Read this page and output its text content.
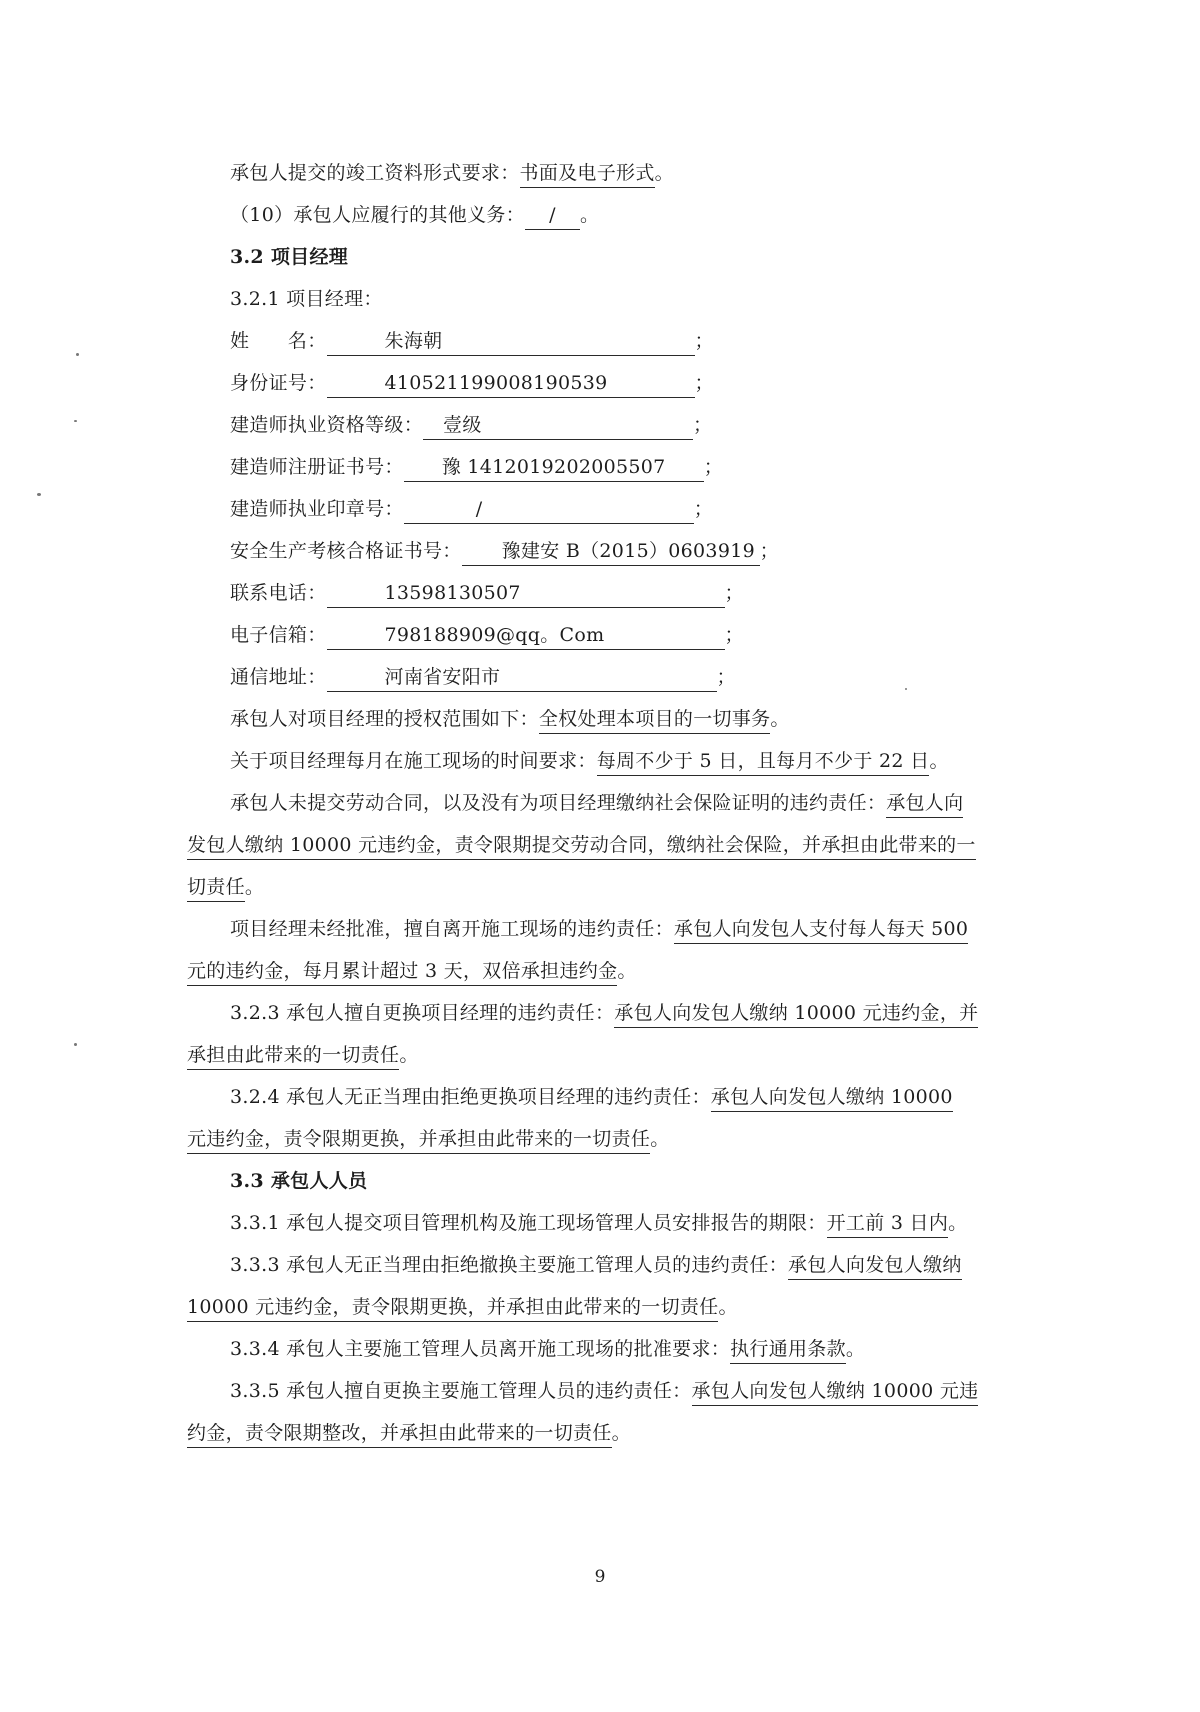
承包人提交的竣工资料形式要求：书面及电子形式。
（10）承包人应履行的其他义务： / 。
3.2 项目经理
3.2.1 项目经理：
姓　　名：	朱海朝	；
身份证号：	410521199008190539	；
建造师执业资格等级： 壹级	；
建造师注册证书号： 豫 1412019202005507 ；
建造师执业印章号：	/	；
安全生产考核合格证书号： 豫建安 B（2015）0603919 ；
联系电话：	13598130507	；
电子信箱：	798188909@qq。Com	；
通信地址：	河南省安阳市	；
承包人对项目经理的授权范围如下：全权处理本项目的一切事务。
关于项目经理每月在施工现场的时间要求：每周不少于 5 日，且每月不少于 22 日。
承包人未提交劳动合同，以及没有为项目经理缴纳社会保险证明的违约责任：承包人向
发包人缴纳 10000 元违约金，责令限期提交劳动合同，缴纳社会保险，并承担由此带来的一
切责任。
项目经理未经批准，擅自离开施工现场的违约责任：承包人向发包人支付每人每天 500
元的违约金，每月累计超过 3 天，双倍承担违约金。
3.2.3 承包人擅自更换项目经理的违约责任：承包人向发包人缴纳 10000 元违约金，并
承担由此带来的一切责任。
3.2.4 承包人无正当理由拒绝更换项目经理的违约责任：承包人向发包人缴纳 10000
元违约金，责令限期更换，并承担由此带来的一切责任。
3.3 承包人人员
3.3.1 承包人提交项目管理机构及施工现场管理人员安排报告的期限：开工前 3 日内。
3.3.3 承包人无正当理由拒绝撤换主要施工管理人员的违约责任：承包人向发包人缴纳
10000 元违约金，责令限期更换，并承担由此带来的一切责任。
3.3.4 承包人主要施工管理人员离开施工现场的批准要求：执行通用条款。
3.3.5 承包人擅自更换主要施工管理人员的违约责任：承包人向发包人缴纳 10000 元违
约金，责令限期整改，并承担由此带来的一切责任。
9
